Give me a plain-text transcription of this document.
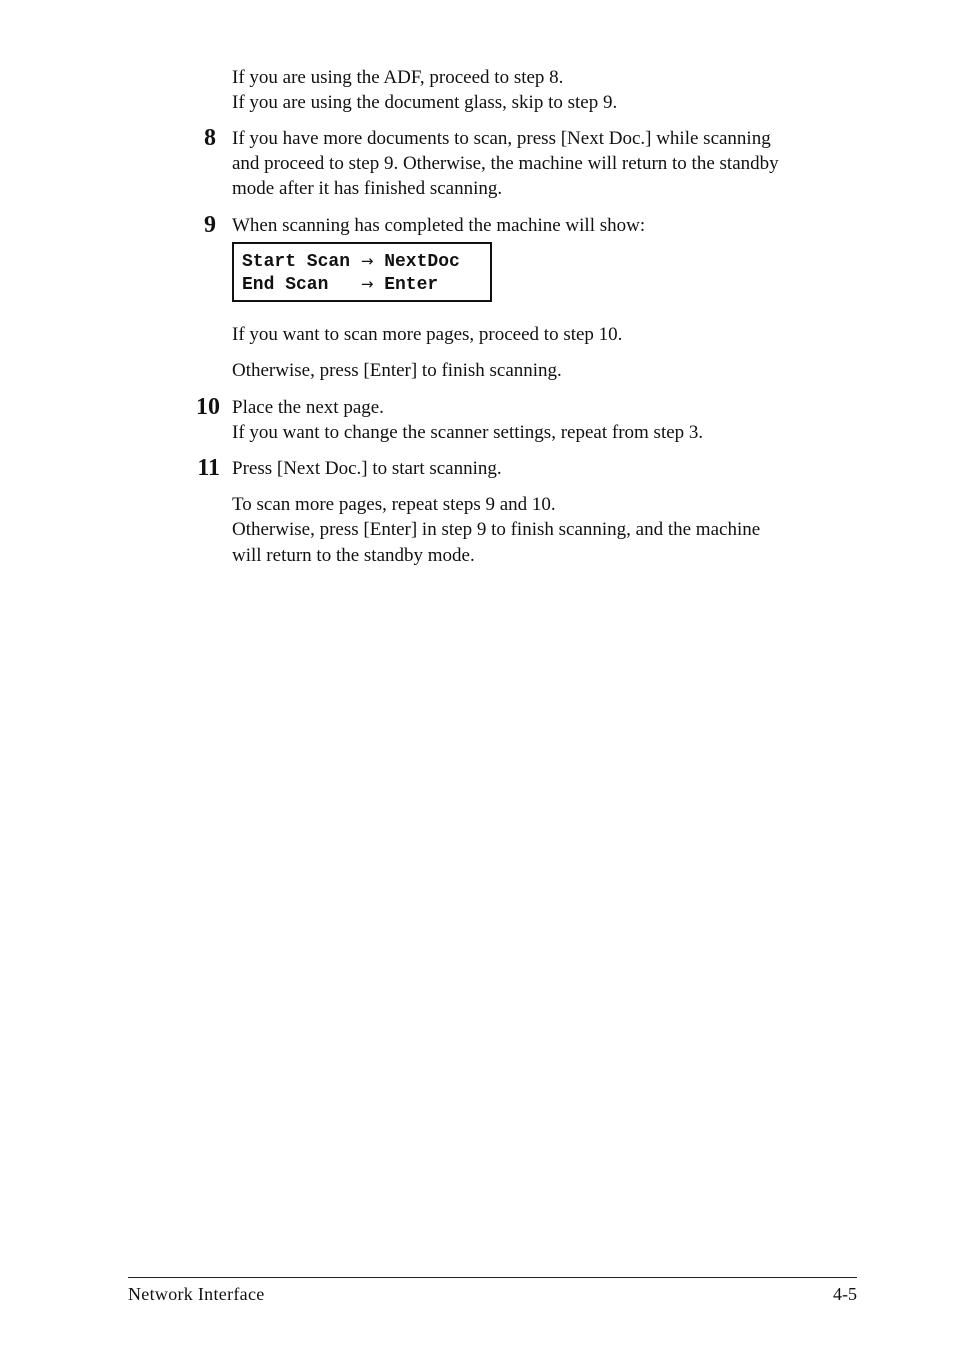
If you are using the ADF, proceed to step 8.
If you are using the document glass, skip to step 9.
8 If you have more documents to scan, press [Next Doc.] while scanning
and proceed to step 9. Otherwise, the machine will return to the standby
mode after it has finished scanning.
9 When scanning has completed the machine will show:
Start Scan → NextDoc
End Scan   → Enter
If you want to scan more pages, proceed to step 10.
Otherwise, press [Enter] to finish scanning.
10 Place the next page.
If you want to change the scanner settings, repeat from step 3.
11 Press [Next Doc.] to start scanning.
To scan more pages, repeat steps 9 and 10.
Otherwise, press [Enter] in step 9 to finish scanning, and the machine
will return to the standby mode.
Network Interface	4-5
